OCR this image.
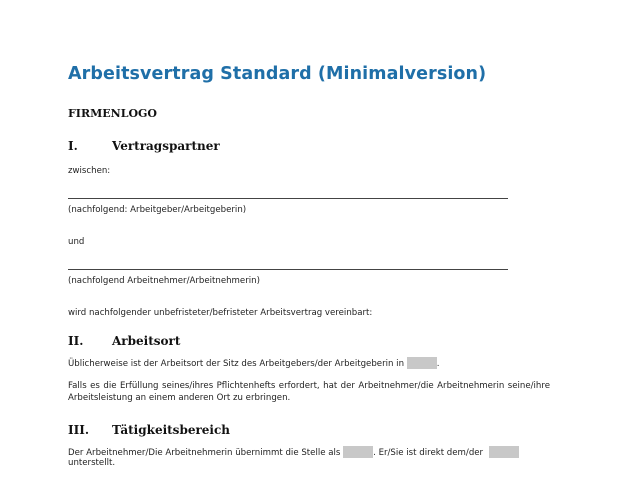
Arbeitsvertrag Standard (Minimalversion)
FIRMENLOGO
I.	Vertragspartner
zwischen:
(nachfolgend: Arbeitgeber/Arbeitgeberin)
und
(nachfolgend Arbeitnehmer/Arbeitnehmerin)
wird nachfolgender unbefristeter/befristeter Arbeitsvertrag vereinbart:
II. Arbeitsort
Üblicherweise ist der Arbeitsort der Sitz des Arbeitgebers/der Arbeitgeberin in	.
Falls es die Erfüllung seines/ihres Pflichtenhefts erfordert, hat der Arbeitnehmer/die Arbeitnehmerin seine/ihre Arbeitsleistung an einem anderen Ort zu erbringen.
III. Tätigkeitsbereich
Der Arbeitnehmer/Die Arbeitnehmerin übernimmt die Stelle als	. Er/Sie ist direkt dem/der
unterstellt.
